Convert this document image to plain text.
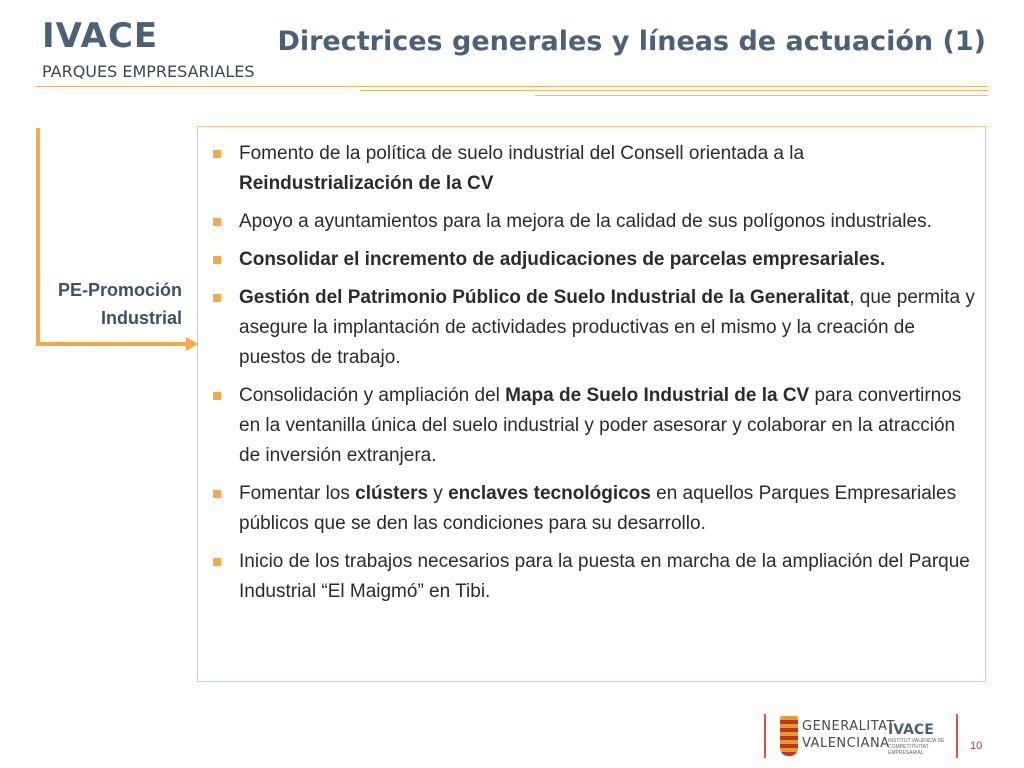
IVACE
PARQUES EMPRESARIALES
Directrices generales y líneas de actuación (1)
PE-Promoción
Industrial
Fomento de la política de suelo industrial del Consell orientada a la Reindustrialización de la CV
Apoyo a ayuntamientos para la mejora de la calidad de sus polígonos industriales.
Consolidar el incremento de adjudicaciones de parcelas empresariales.
Gestión del Patrimonio Público de Suelo Industrial de la Generalitat, que permita y asegure la implantación de actividades productivas en el mismo y la creación de puestos de trabajo.
Consolidación y ampliación del Mapa de Suelo Industrial de la CV para convertirnos en la ventanilla única del suelo industrial y poder asesorar y colaborar en la atracción de inversión extranjera.
Fomentar los clústers y enclaves tecnológicos en aquellos Parques Empresariales públicos que se den las condiciones para su desarrollo.
Inicio de los trabajos necesarios para la puesta en marcha de la ampliación del Parque Industrial “El Maigmó” en Tibi.
GENERALITAT
VALENCIANA
IVACE
INSTITUT VALENCIÀ DE COMPETITIVITAT EMPRESARIAL
10
